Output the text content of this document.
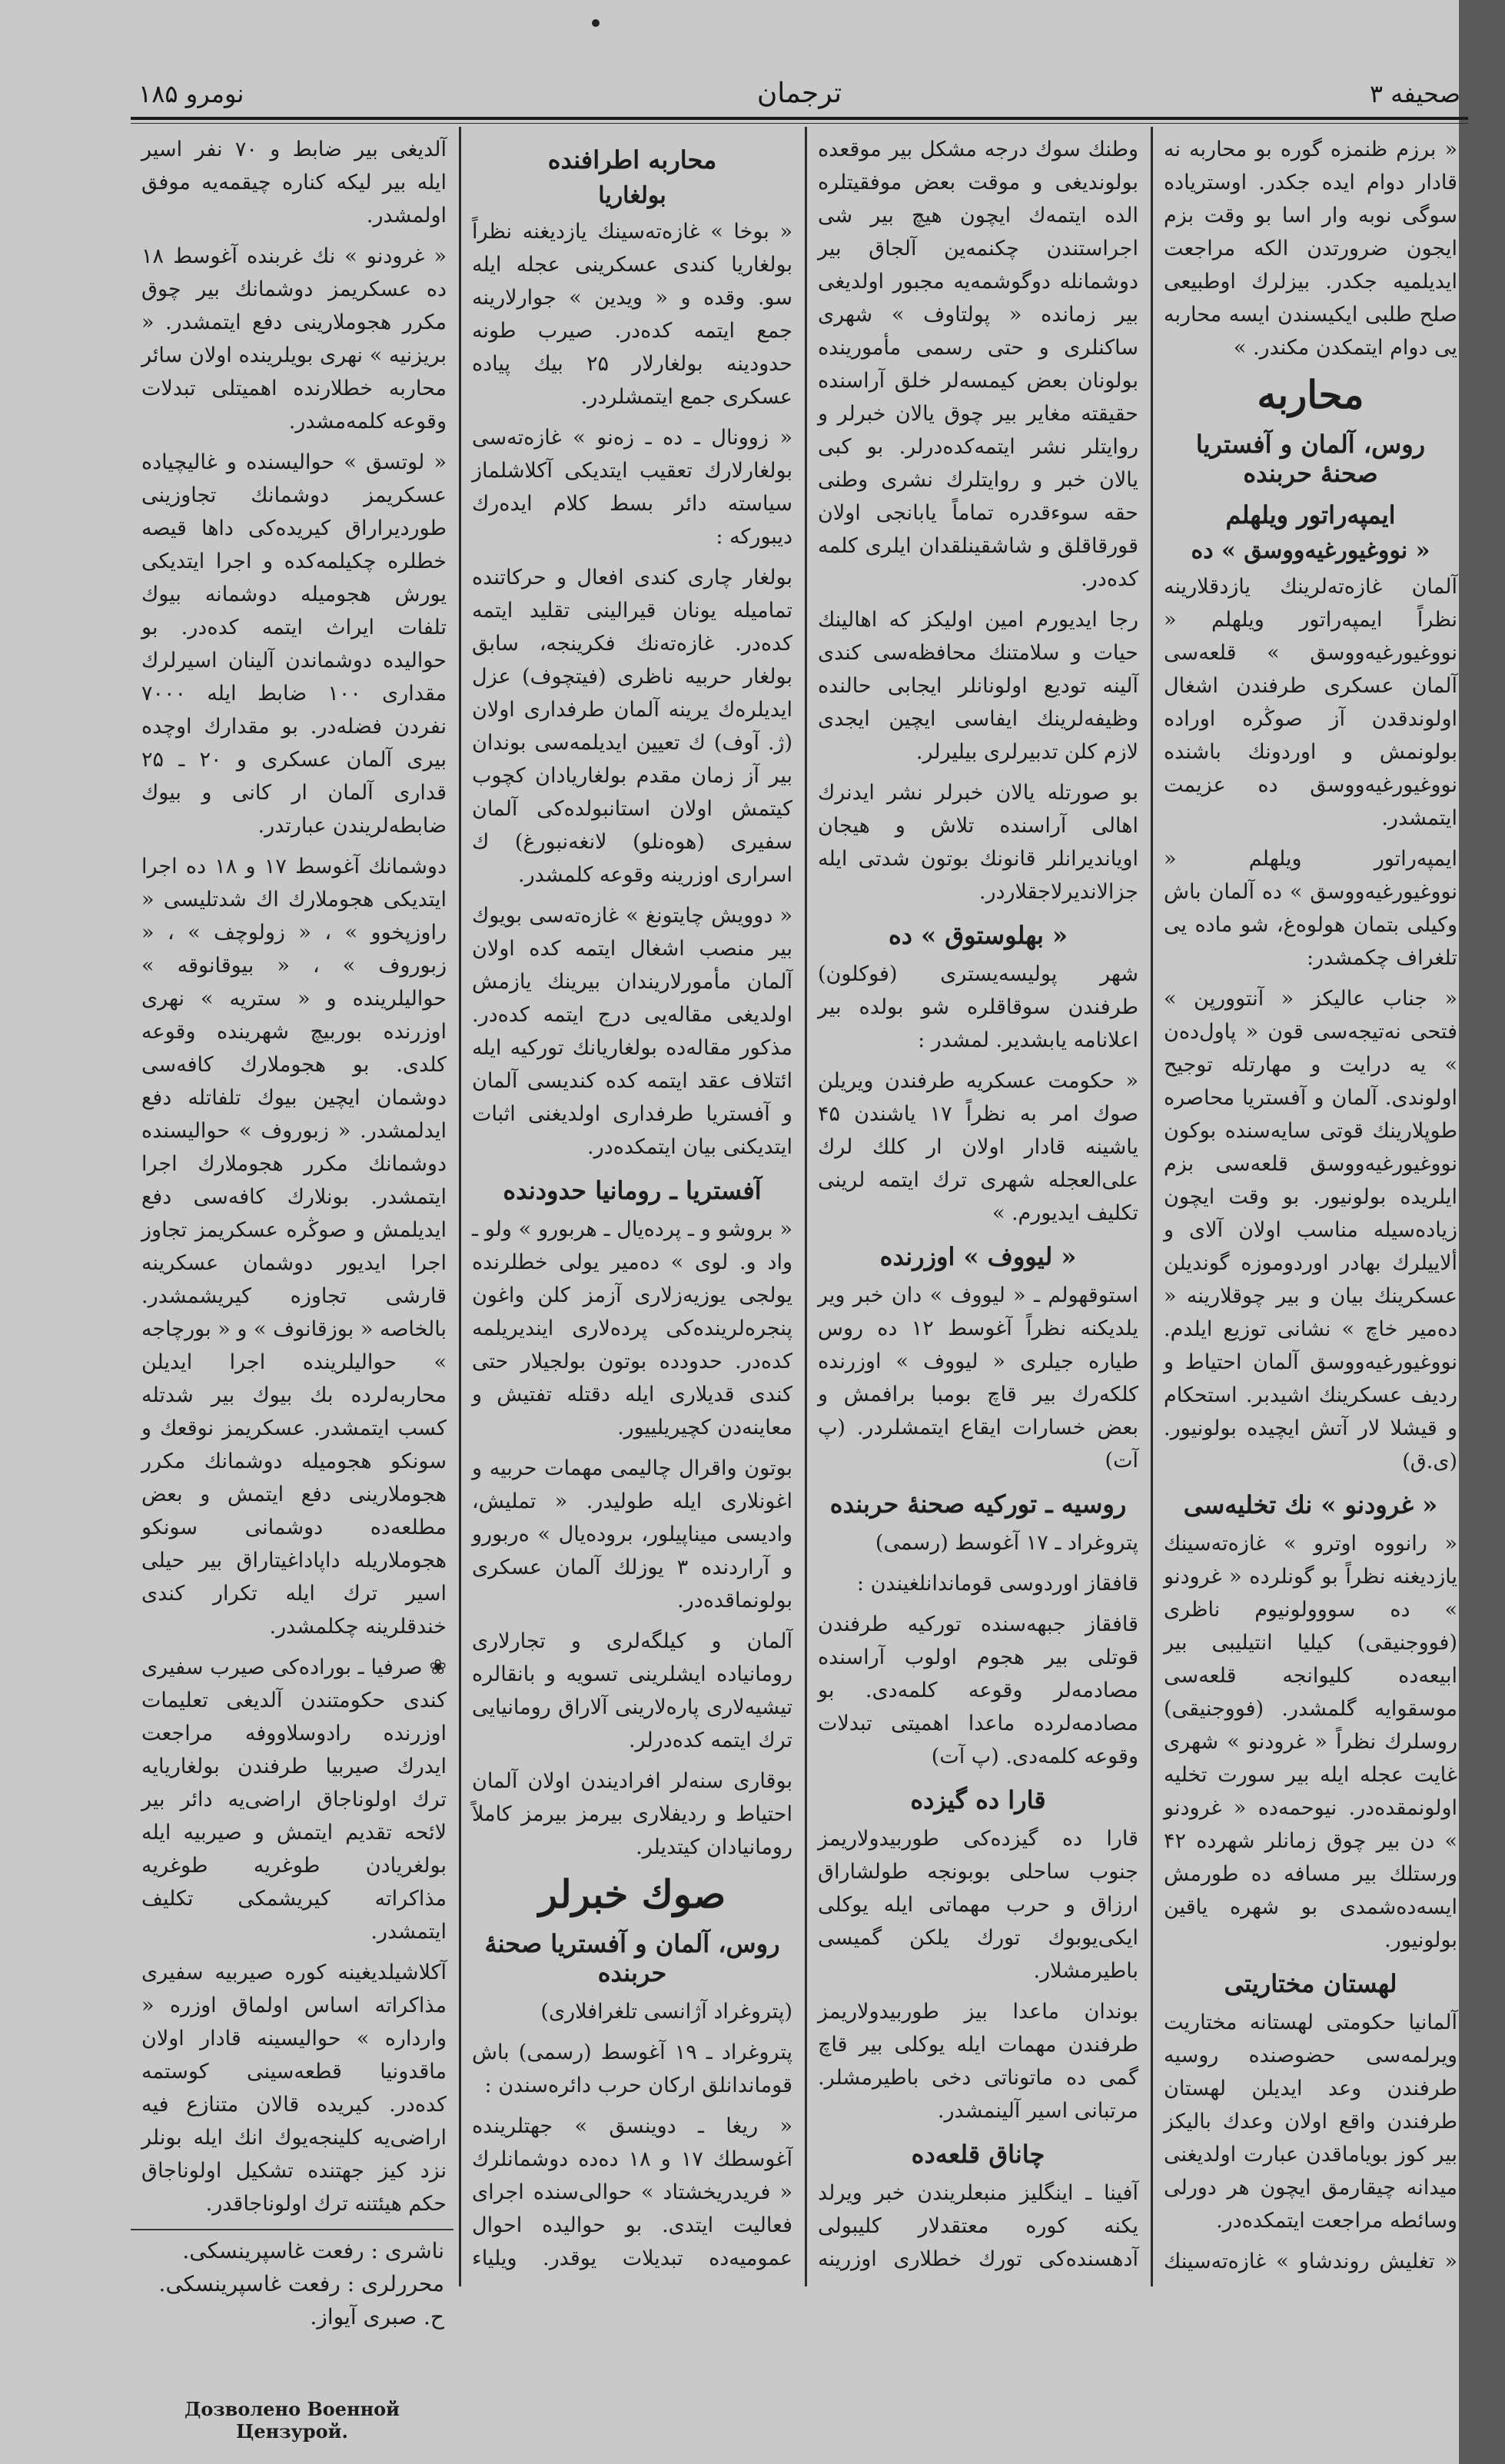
صحیفه ۳
ترجمان
نومرو ۱۸۵

« برزم ظنمزه گوره بو محاربه نه قادار دوام ایده جکدر. اوستریاده سوگی نوبه وار اسا بو وقت بزم ایجون ضرورتدن الکه مراجعت ایدیلمیه جکدر. بیزلرك اوطبیعی صلح طلبی ایکیسندن ایسه محاربه یی دوام ایتمکدن مكندر. »

محاربه
روس، آلمان و آفستریا صحنهٔ حربنده
ایمپه‌راتور ویلهلم
« نووغیورغیه‌ووسق » ده

آلمان غازه‌ته‌لرینك یازدقلارینه نظراً ایمپه‌راتور ویلهلم « نووغیورغیه‌ووسق » قلعه‌سی آلمان عسکری طرفندن اشغال اولوندقدن آز صوڭره اوراده بولونمش و اوردونك باشنده نووغیورغیه‌ووسق ده عزیمت ایتمشدر.

ایمپه‌راتور ویلهلم « نووغیورغیه‌ووسق » ده آلمان باش وکیلی بتمان هولوه‌غ، شو ماده یی تلغراف چکمشدر:

« جناب عالیکز « آنتوورپن » فتحی نه‌تیجه‌سی قون « پاول‌ده‌ن » یه درایت و مهارتله توجیح اولوندی. آلمان و آفستریا محاصره طوپلارینك قوتی سایه‌سنده بوکون نووغیورغیه‌ووسق قلعه‌سی بزم ایلریده بولونیور. بو وقت ایچون زیاده‌سیله مناسب اولان آلای و ألاییلرك بهادر اوردوموزه گوندیلن عسکرینك بیان و بیر چوقلارینه « ده‌میر خاچ » نشانی توزیع ایلدم. نووغیورغیه‌ووسق آلمان احتیاط و ردیف عسکرینك اشیدبر. استحکام و قیشلا لار آتش ایچیده بولونیور. (ی.ق)

« غرودنو » نك تخلیه‌سی

« رانووه اوترو » غازه‌ته‌سینك یازدیغنه نظراً بو گونلرده « غرودنو » ده سووولونیوم ناظری (فووجنیقی) کیلیا انتیلیبی بیر ابیعه‌ده کلیوانجه قلعه‌سی موسقوایه گلمشدر. (فووجنیقی) روسلرك نظراً « غرودنو » شهری غایت عجله ایله بیر سورت تخلیه اولونمقده‌در. نیوحمه‌ده « غرودنو » دن بیر چوق زمانلر شهرده ۴۲ ورستلك بیر مسافه ده طورمش ایسه‌ده‌شمدی بو شهره یاقین بولونیور.

لهستان مختاریتی

آلمانیا حکومتی لهستانه مختاریت ویرلمه‌سی حضوصنده روسیه طرفندن وعد ایدیلن لهستان طرفندن واقع اولان وعدك بالیكز بیر کوز بویاماقدن عبارت اولدیغنی میدانه چیقارمق ایچون هر دورلی وسائطه مراجعت ایتمکده‌در.

« تغلیش روندشاو » غازه‌ته‌سینك

وطنك سوك درجه مشكل بیر موقعده بولوندیغی و موقت بعض موفقیتلره الده ایتمه‌ك ایچون هیچ بیر شی اجراستندن چکنمه‌ین آلجاق بیر دوشمانله دوگوشمه‌یه مجبور اولدیغی بیر زمانده « پولتاوف » شهری ساکنلری و حتی رسمی مأمورینده بولونان بعض کیمسه‌لر خلق آراسنده حقیقته مغایر بیر چوق یالان خبرلر و روایتلر نشر ایتمه‌كده‌درلر. بو کبی یالان خبر و روایتلرك نشری وطنی حقه سوءقدره تماماً یابانجی اولان قورقاقلق و شاشقینلقدان ایلری کلمه کده‌در.

رجا ایدیورم امین اولیکز که اهالینك حیات و سلامتنك محافظه‌سی کندی آلینه توديع اولونانلر ایجابی حالنده وظیفه‌لرینك ایفاسی ایچین ایجدی لازم کلن تدبیرلری بیلیرلر.

بو صورتله یالان خبرلر نشر ایدنرك اهالی آراسنده تلاش و هیجان اویاندیرانلر قانونك بوتون شدتی ایله جزالاندیرلاجقلاردر.

« بهلوستوق » ده

شهر پولیسه‌یستری (فوکلون) طرفندن سوقاقلره شو بولده بیر اعلانامه یابشدیر. لمشدر :

« حکومت عسکریه طرفندن ویریلن صوك امر به نظراً ۱۷ یاشندن ۴۵ یاشینه قادار اولان ار کلك لرك علی‌العجله شهری ترك ایتمه لرینی تکلیف ایدیورم. »

« لیووف » اوزرنده

استوقهولم ـ « لیووف » دان خبر ویر یلدیکنه نظراً آغوسط ۱۲ ده روس طیاره جیلری « لیووف » اوزرنده کلکه‌رك بیر قاچ بومبا برافمش و بعض خسارات ایقاع ایتمشلردر. (پ آت)

روسیه ـ تورکیه صحنهٔ حربنده

پتروغراد ـ ۱۷ آغوسط (رسمی)

قافقاز اوردوسی قوماندانلغیندن :

قافقاز جبهه‌سنده تورکیه طرفندن قوتلی بیر هجوم اولوب آراسنده مصادمه‌لر وقوعه کلمه‌دی. بو مصادمه‌لرده ماعدا اهمیتی تبدلات وقوعه کلمه‌دی. (پ آت)

قارا ده گیزده

قارا ده گیزده‌کی طوربیدولاریمز جنوب ساحلی بوبونجه طولشاراق ارزاق و حرب مهماتی ایله یوکلی ایکی‌یوبوك تورك یلکن گمیسی باطیرمشلار.

بوندان ماعدا بیز طوربیدولاریمز طرفندن مهمات ایله یوکلی بیر قاچ گمی ده ماتوناتی دخی باطیرمشلر. مرتبانی اسیر آلینمشدر.

چاناق قلعه‌ده

آفینا ـ اینگلیز منبعلریندن خبر ویرلد یکنه کوره معتقدلار کلیبولی آدهسنده‌کی تورك خطلاری اوزرینه

محاربه اطرافنده
بولغاریا

« بوخا » غازه‌ته‌سینك یازدیغنه نظراً بولغاریا کندی عسکرینی عجله ایله سو. وقده و « ویدین » جوارلارینه جمع ایتمه کده‌در. صیرب طونه حدودینه بولغارلار ۲۵ بیك پیاده عسکری جمع ایتمشلردر.

« زوونال ـ ده ـ زه‌نو » غازه‌ته‌سی بولغارلارك تعقیب ایتدیکی آکلاشلماز سیاسته دائر بسط کلام ایده‌رك دیبورکه :

بولغار چاری کندی افعال و حرکاتنده تمامیله یونان قیرالینی تقلید ایتمه کده‌در. غازه‌ته‌نك فکرینجه، سابق بولغار حربیه ناظری (فیتچوف) عزل ایدیلره‌ك یرینه آلمان طرفداری اولان (ژ. آوف) ك تعیین ایدیلمه‌سی بوندان بیر آز زمان مقدم بولغاریادان کچوب کیتمش اولان استانبولده‌کی آلمان سفیری (هوه‌نلو) لانغه‌نبورغ) ك اسراری اوزرینه وقوعه کلمشدر.

« دوویش چایتونغ » غازه‌ته‌سی بویوك بیر منصب اشغال ایتمه کده اولان آلمان مأمورلاریندان بیرینك یازمش اولدیغی مقاله‌یی درج ایتمه کده‌در. مذکور مقاله‌ده بولغاریانك تورکیه ایله ائتلاف عقد ایتمه کده کندیسی آلمان و آفستریا طرفداری اولدیغنی اثبات ایتدیکنی بیان ایتمکده‌در.

آفستریا ـ رومانیا حدودنده

« بروشو و ـ پرده‌یال ـ هربورو » ولو ـ واد و. لوی » ده‌میر یولی خطلرنده یولجی یوزیه‌زلاری آزمز کلن واغون پنجره‌لرینده‌کی پرده‌لاری ایندیریلمه کده‌در. حدودده بوتون بولجیلار حتی کندی قدیلاری ایله دقتله تفتیش و معاینه‌دن کچیریلییور.

بوتون واقرال چالیمی مهمات حربیه و اغونلاری ایله طولیدر. « تملیش، وادیسی میناپیلور، بروده‌یال » ه‌ربورو و آراردنده ۳ یوزلك آلمان عسکری بولونماقده‌در.

آلمان و کیلگه‌لری و تجارلاری رومانیاده ایشلرینی تسویه و بانقالره تیشیه‌لاری پارەلارینی آلاراق رومانیایی ترك ایتمه کده‌درلر.

بوقاری سنه‌لر افرادیندن اولان آلمان احتیاط و ردیفلاری بیرمز بیرمز کاملاً رومانیادان کیتدیلر.

صوك خبرلر
روس، آلمان و آفستریا صحنهٔ حربنده

(پتروغراد آژانسی تلغرافلاری)

پتروغراد ـ ۱۹ آغوسط (رسمی) باش قوماندانلق ارکان حرب دائره‌سندن :

« ریغا ـ دوینسق » جهتلرینده آغوسطك ۱۷ و ۱۸ ده‌ده دوشمانلرك « فریدریخشتاد » حوالی‌سنده اجرای فعالیت ایتدی. بو حوالیده احوال عمومیه‌ده تبدیلات یوقدر. ویلیاء

آلدیغی بیر ضابط و ۷۰ نفر اسیر ایله بیر لیکه کناره چیقمه‌یه موفق اولمشدر.

« غرودنو » نك غربنده آغوسط ۱۸ ده عسکریمز دوشمانك بیر چوق مکرر هجوملارینی دفع ایتمشدر. « بریزنیه » نهری بویلرینده اولان سائر محاربه خطلارنده اهمیتلی تبدلات وقوعه کلمه‌مشدر.

« لوتسق » حوالیسنده و غالیچیاده عسکریمز دوشمانك تجاوزینی طوردیراراق کیریده‌کی داها قیصه خطلره چکیلمه‌کده و اجرا ایتدیکی یورش هجومیله دوشمانه بیوك تلفات ایراث ایتمه کده‌در. بو حوالیده دوشماندن آلینان اسیرلرك مقداری ۱۰۰ ضابط ایله ۷۰۰۰ نفردن فضله‌در. بو مقدارك اوچده بیری آلمان عسکری و ۲۰ ـ ۲۵ قداری آلمان ار کانی و بیوك ضابطه‌لریندن عبارتدر.

دوشمانك آغوسط ۱۷ و ۱۸ ده اجرا ایتدیکی هجوملارك اك شدتلیسی « راوزپخوو » ، « زولوچف » ، « زبوروف » ، « بیوقانوقه » حوالیلرینده و « ستریه » نهری اوزرنده بوربیچ شهرینده وقوعه کلدی. بو هجوملارك کافه‌سی دوشمان ایچین بیوك تلفاتله دفع ایدلمشدر. « زبوروف » حوالیسنده دوشمانك مکرر هجوملارك اجرا ایتمشدر. بونلارك کافه‌سی دفع ایدیلمش و صوڭره عسکریمز تجاوز اجرا ایدیور دوشمان عسکرینه قارشی تجاوزه کیریشمشدر. بالخاصه « بوزقانوف » و « بورچاجه » حوالیلرینده اجرا ایدیلن محاربه‌لرده بك بیوك بیر شدتله کسب ایتمشدر. عسکریمز نوقعك و سونکو هجومیله دوشمانك مکرر هجوملارینی دفع ایتمش و بعض مطلعه‌ده دوشمانی سونکو هجوملاریله داپاداغیتاراق بیر حیلی اسیر ترك ایله تکرار کندی خندقلرینه چکلمشدر.

❀ صرفیا ـ بوراده‌کی صیرب سفیری کندی حکومتندن آلدیغی تعلیمات اوزرنده رادوسلاووفه مراجعت ایدرك صیربیا طرفندن بولغاریایه ترك اولوناجاق اراضی‌یه دائر بیر لائحه تقدیم ایتمش و صیربیه ایله بولغریادن طوغریه طوغریه مذاکراته کیریشمکی تکلیف ایتمشدر.

آکلاشیلدیغینه کوره صیربیه سفیری مذاکراته اساس اولماق اوزره « وارداره » حوالیسینه قادار اولان ماقدونیا قطعه‌سینی کوستمه کده‌در. کیریده قالان متنازع فیه اراضی‌یه کلینجه‌یوك انك ایله بونلر نزد کیز جهتنده تشکیل اولوناجاق حکم هیئتنه ترك اولوناجاقدر.

ناشری : رفعت غاسپرینسکی.
محررلری : رفعت غاسپرینسکی.
ح. صبری آیواز.
Дозволено Военной Цензурой.
